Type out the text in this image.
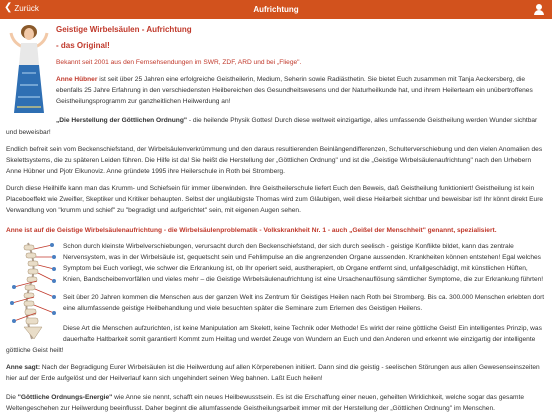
❮ Zurück	Aufrichtung
Geistige Wirbelsäulen - Aufrichtung
- das Original!
Bekannt seit 2001 aus den Fernsehsendungen im SWR, ZDF, ARD und bei „Fliege".
Anne Hübner ist seit über 25 Jahren eine erfolgreiche Geistheilerin, Medium, Seherin sowie Radiästhetin. Sie bietet Euch zusammen mit Tanja Aeckersberg, die ebenfalls 25 Jahre Erfahrung in den verschiedensten Heilbereichen des Gesundheitswesens und der Naturheilkunde hat, und ihrem Heilerteam ein unübertroffenes Geistheilungsprogramm zur ganzheitlichen Heilwerdung an!
„Die Herstellung der Göttlichen Ordnung" - die heilende Physik Gottes! Durch diese weltweit einzigartige, alles umfassende Geistheilung werden Wunder sichtbar
und beweisbar!
Endlich befreit sein vom Beckenschiefstand, der Wirbelsäulenverkrümmung und den daraus resultierenden Beinlängendifferenzen, Schulterverschiebung und den vielen Anomalien des Skelettsystems, die zu späteren Leiden führen. Die Hilfe ist da! Sie heißt die Herstellung der „Göttlichen Ordnung" und ist die „Geistige Wirbelsäulenaufrichtung" nach den Urhebern Anne Hübner und Pjotr Elkunoviz. Anne gründete 1995 ihre Heilerschule in Roth bei Stromberg.
Durch diese Heilhilfe kann man das Krumm- und Schiefsein für immer überwinden. Ihre Geistheilerschule liefert Euch den Beweis, daß Geistheilung funktioniert! Geistheilung ist kein Placeboeffekt wie Zweifler, Skeptiker und Kritiker behaupten. Selbst der ungläubigste Thomas wird zum Gläubigen, weil diese Heilarbeit sichtbar und beweisbar ist! Ihr könnt direkt Eure Verwandlung von "krumm und schief" zu "begradigt und aufgerichtet" sein, mit eigenen Augen sehen.
Anne ist auf die Geistige Wirbelsäulenaufrichtung - die Wirbelsäulenproblematik - Volkskrankheit Nr. 1 - auch „Geißel der Menschheit" genannt, spezialisiert.
Schon durch kleinste Wirbelverschiebungen, verursacht durch den Beckenschiefstand, der sich durch seelisch - geistige Konflikte bildet, kann das zentrale Nervensystem, was in der Wirbelsäule ist, gequetscht sein und Fehlimpulse an die angrenzenden Organe aussenden. Krankheiten können entstehen! Egal welches Symptom bei Euch vorliegt, wie schwer die Erkrankung ist, ob Ihr operiert seid, austherapiert, ob Organe entfernt sind, unfallgeschädigt, mit künstlichen Hüften, Knien, Bandscheibenvorfällen und vieles mehr – die Geistige Wirbelsäulenaufrichtung ist eine Ursachenauflösung sämtlicher Symptome, die zur Erkrankung führten!
Seit über 20 Jahren kommen die Menschen aus der ganzen Welt ins Zentrum für Geistiges Heilen nach Roth bei Stromberg. Bis ca. 300.000 Menschen erlebten dort eine allumfassende geistige Heilbehandlung und viele besuchten später die Seminare zum Erlernen des Geistigen Heilens.
Diese Art die Menschen aufzurichten, ist keine Manipulation am Skelett, keine Technik oder Methode! Es wirkt der reine göttliche Geist! Ein intelligentes Prinzip, was dauerhafte Haltbarkeit somit garantiert! Kommt zum Heiltag und werdet Zeuge von Wundern an Euch und den Anderen und erkennt wie einzigartig der intelligente
göttliche Geist heilt!
Anne sagt: Nach der Begradigung Eurer Wirbelsäulen ist die Heilwerdung auf allen Körperebenen initiiert. Dann sind die geistig - seelischen Störungen aus allen Gewesenseinszeiten hier auf der Erde aufgelöst und der Heilverlauf kann sich ungehindert seinen Weg bahnen. Laßt Euch heilen!
Die "Göttliche Ordnungs-Energie" wie Anne sie nennt, schafft ein neues Heilbewusstsein. Es ist die Erschaffung einer neuen, geheilten Wirklichkeit, welche sogar das gesamte Weltengeschehen zur Heilwerdung beeinflusst. Daher beginnt die allumfassende Geistheilungsarbeit immer mit der Herstellung der „Göttlichen Ordnung" im Menschen.
